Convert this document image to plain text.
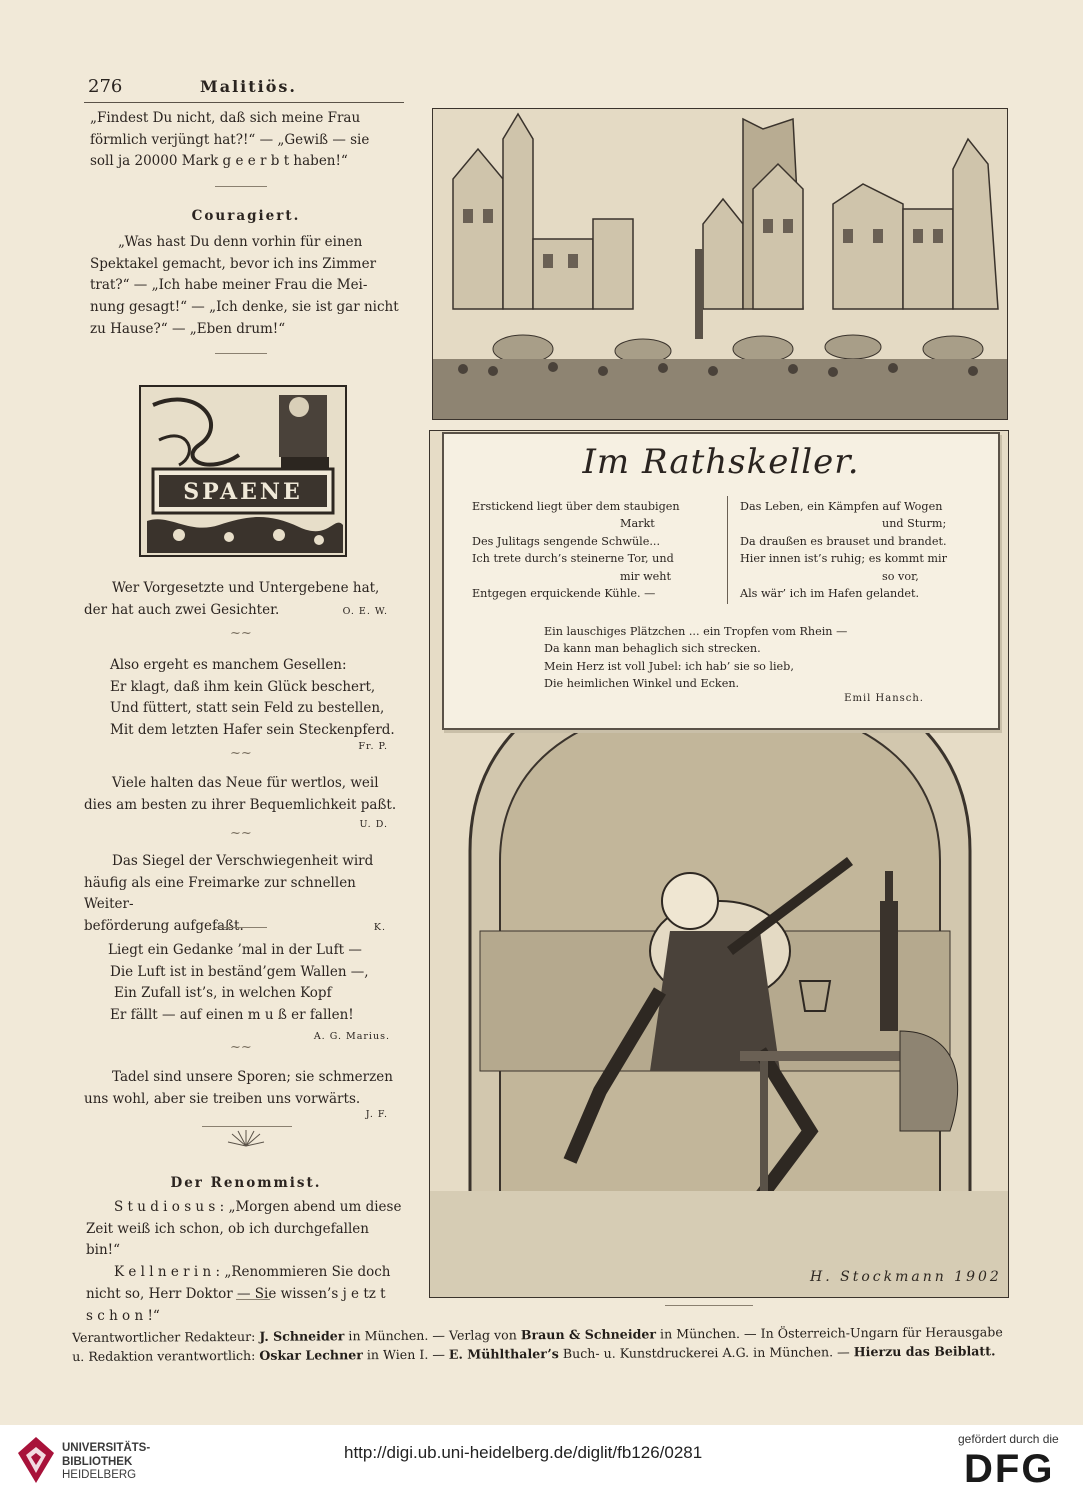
276	Malitiös.
„Findest Du nicht, daß sich meine Frau
förmlich verjüngt hat?!“ — „Gewiß — sie
soll ja 20000 Mark g e e r b t haben!“
Couragiert.
„Was hast Du denn vorhin für einen
Spektakel gemacht, bevor ich ins Zimmer
trat?“ — „Ich habe meiner Frau die Mei-
nung gesagt!“ — „Ich denke, sie ist gar nicht
zu Hause?“ — „Eben drum!“
SPAENE
Wer Vorgesetzte und Untergebene hat,
der hat auch zwei Gesichter.	O. E. W.
~~
Also ergeht es manchem Gesellen:
Er klagt, daß ihm kein Glück beschert,
Und füttert, statt sein Feld zu bestellen,
Mit dem letzten Hafer sein Steckenpferd.
Fr. P.
~~
Viele halten das Neue für wertlos, weil
dies am besten zu ihrer Bequemlichkeit paßt.
U. D.
~~
Das Siegel der Verschwiegenheit wird
häufig als eine Freimarke zur schnellen Weiter-
beförderung aufgefaßt.	K.
Liegt ein Gedanke ’mal in der Luft —
Die Luft ist in beständ’gem Wallen —,
Ein Zufall ist’s, in welchen Kopf
Er fällt — auf einen m u ß er fallen!
A. G. Marius.
~~
Tadel sind unsere Sporen; sie schmerzen
uns wohl, aber sie treiben uns vorwärts.
J. F.
Der Renommist.
S t u d i o s u s : „Morgen abend um diese
Zeit weiß ich schon, ob ich durchgefallen bin!“
K e l l n e r i n : „Renommieren Sie doch
nicht so, Herr Doktor — Sie wissen’s j e tz t
s c h o n !“
H. Stockmann 1902
Im Rathskeller.
Erstickend liegt über dem staubigen
Markt
Des Julitags sengende Schwüle...
Ich trete durch’s steinerne Tor, und
mir weht
Entgegen erquickende Kühle. —
Das Leben, ein Kämpfen auf Wogen
und Sturm;
Da draußen es brauset und brandet.
Hier innen ist’s ruhig; es kommt mir
so vor,
Als wär’ ich im Hafen gelandet.
Ein lauschiges Plätzchen ... ein Tropfen vom Rhein —
Da kann man behaglich sich strecken.
Mein Herz ist voll Jubel: ich hab’ sie so lieb,
Die heimlichen Winkel und Ecken.
Emil Hansch.
Verantwortlicher Redakteur: J. Schneider in München. — Verlag von Braun & Schneider in München. — In Österreich-Ungarn für Herausgabe
u. Redaktion verantwortlich: Oskar Lechner in Wien I. — E. Mühlthaler’s Buch- u. Kunstdruckerei A.G. in München. — Hierzu das Beiblatt.
UNIVERSITÄTS-
BIBLIOTHEK
HEIDELBERG
http://digi.ub.uni-heidelberg.de/diglit/fb126/0281
gefördert durch die
DFG
